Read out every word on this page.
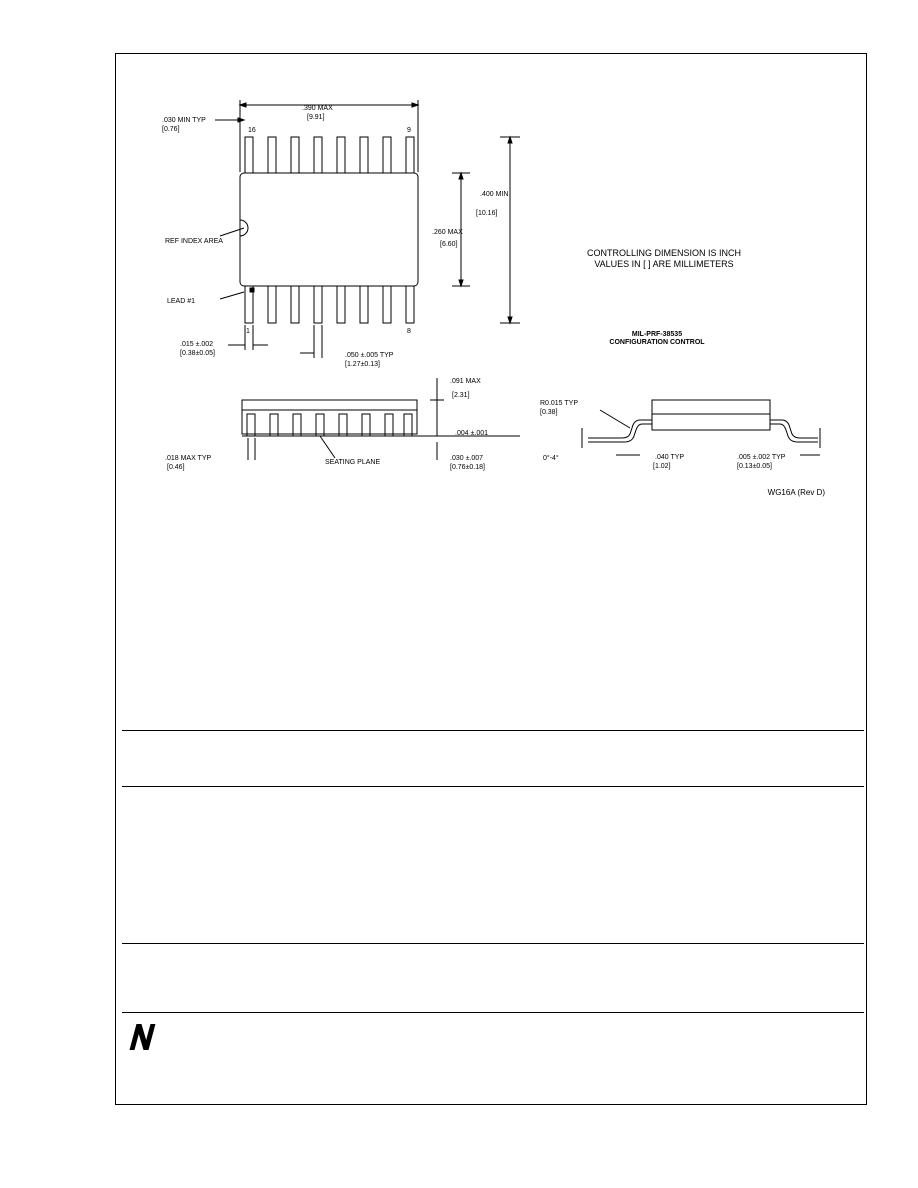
.390 MAX
[9.91]
.030 MIN TYP
[0.76]	16	9
1	8
REF INDEX AREA
LEAD #1
.400 MIN
[10.16]
.260 MAX
[6.60]
.015 ±.002
[0.38±0.05]	.050 ±.005 TYP
[1.27±0.13]
.091 MAX
[2.31]
.004 ±.001
.018 MAX TYP
[0.46]
SEATING PLANE
.030 ±.007
[0.76±0.18]
R0.015 TYP
[0.38]
0°-4°	.040 TYP
[1.02]
.005 ±.002 TYP
[0.13±0.05]
CONTROLLING DIMENSION IS INCH
VALUES IN [ ] ARE MILLIMETERS
MIL-PRF-38535
CONFIGURATION CONTROL
WG16A (Rev D)
